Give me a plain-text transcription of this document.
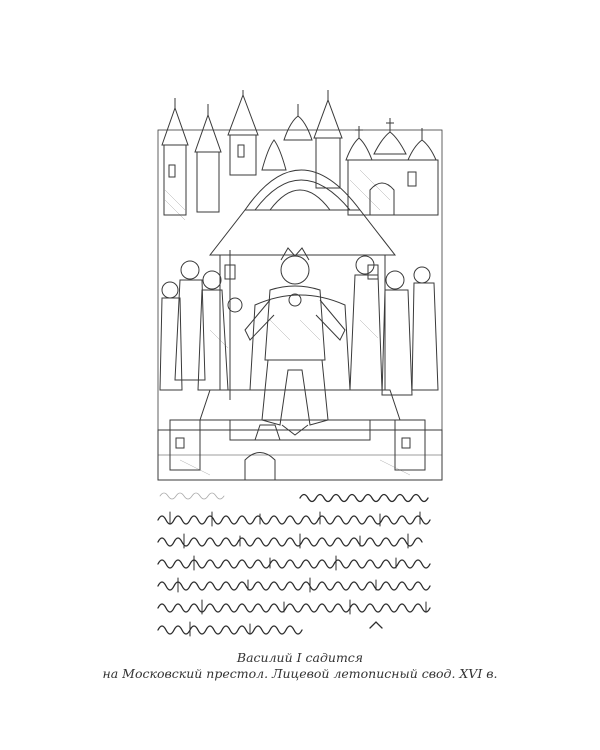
Василий I садится
на Московский престол. Лицевой летописный свод. XVI в.
